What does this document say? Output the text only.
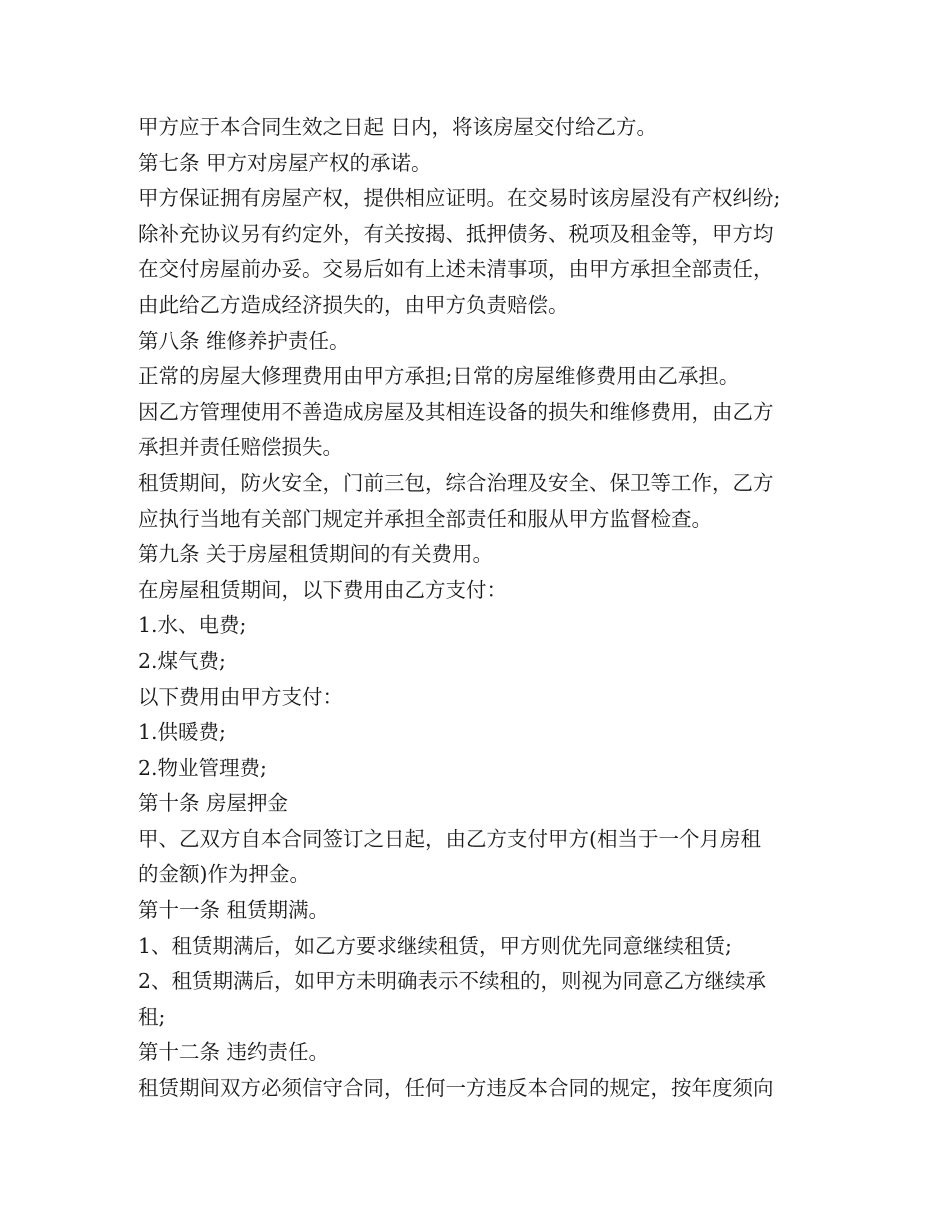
甲方应于本合同生效之日起 日内，将该房屋交付给乙方。
第七条 甲方对房屋产权的承诺。
甲方保证拥有房屋产权，提供相应证明。在交易时该房屋没有产权纠纷;
除补充协议另有约定外，有关按揭、抵押债务、税项及租金等，甲方均
在交付房屋前办妥。交易后如有上述未清事项，由甲方承担全部责任，
由此给乙方造成经济损失的，由甲方负责赔偿。
第八条 维修养护责任。
正常的房屋大修理费用由甲方承担;日常的房屋维修费用由乙承担。
因乙方管理使用不善造成房屋及其相连设备的损失和维修费用，由乙方
承担并责任赔偿损失。
租赁期间，防火安全，门前三包，综合治理及安全、保卫等工作，乙方
应执行当地有关部门规定并承担全部责任和服从甲方监督检查。
第九条 关于房屋租赁期间的有关费用。
在房屋租赁期间，以下费用由乙方支付：
1.水、电费;
2.煤气费;
以下费用由甲方支付：
1.供暖费;
2.物业管理费;
第十条 房屋押金
甲、乙双方自本合同签订之日起，由乙方支付甲方(相当于一个月房租
的金额)作为押金。
第十一条 租赁期满。
1、租赁期满后，如乙方要求继续租赁，甲方则优先同意继续租赁;
2、租赁期满后，如甲方未明确表示不续租的，则视为同意乙方继续承
租;
第十二条 违约责任。
租赁期间双方必须信守合同，任何一方违反本合同的规定，按年度须向
